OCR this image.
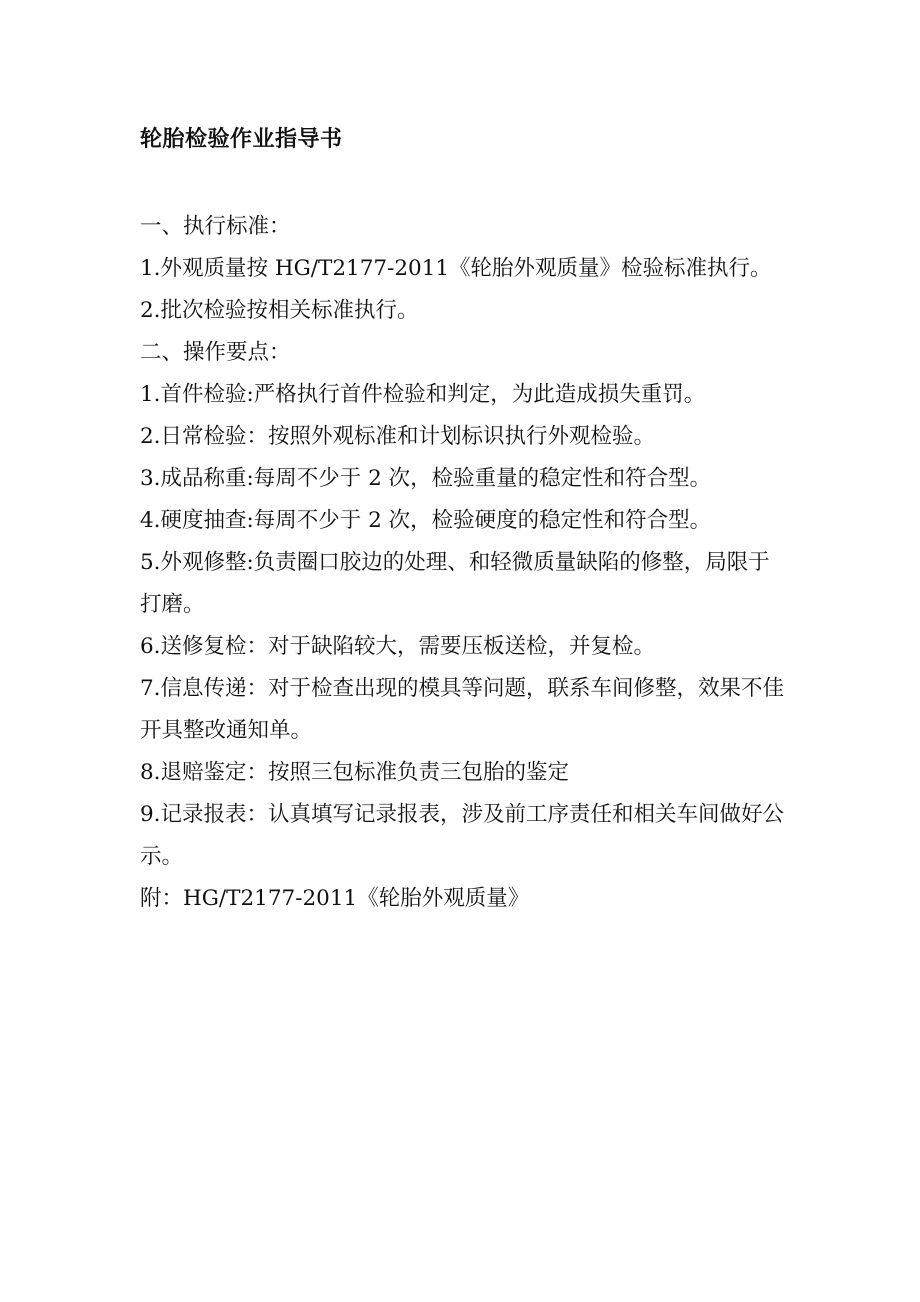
轮胎检验作业指导书

一、执行标准：

1.外观质量按 HG/T2177-2011《轮胎外观质量》检验标准执行。

2.批次检验按相关标准执行。

二、操作要点：

1.首件检验:严格执行首件检验和判定，为此造成损失重罚。

2.日常检验：按照外观标准和计划标识执行外观检验。

3.成品称重:每周不少于 2 次，检验重量的稳定性和符合型。

4.硬度抽查:每周不少于 2 次，检验硬度的稳定性和符合型。

5.外观修整:负责圈口胶边的处理、和轻微质量缺陷的修整，局限于打磨。

6.送修复检：对于缺陷较大，需要压板送检，并复检。

7.信息传递：对于检查出现的模具等问题，联系车间修整，效果不佳开具整改通知单。

8.退赔鉴定：按照三包标准负责三包胎的鉴定

9.记录报表：认真填写记录报表，涉及前工序责任和相关车间做好公示。

附：HG/T2177-2011《轮胎外观质量》
